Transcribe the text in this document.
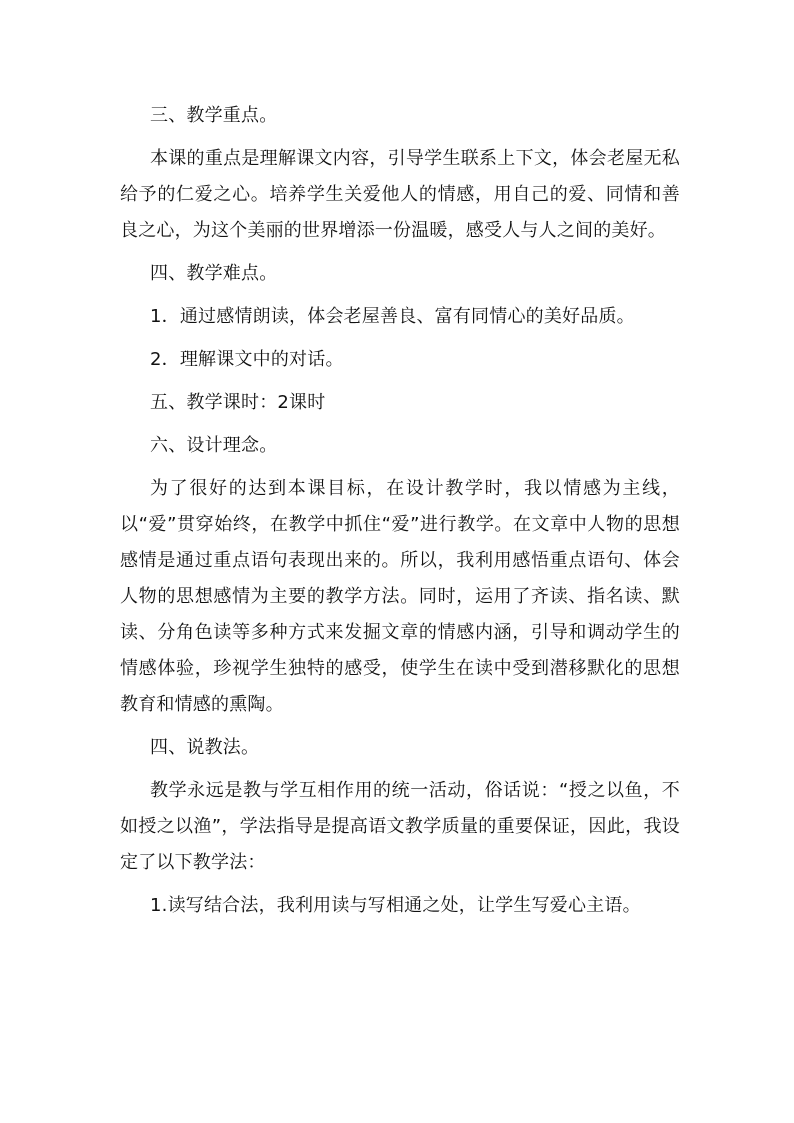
三、教学重点。

本课的重点是理解课文内容，引导学生联系上下文，体会老屋无私给予的仁爱之心。培养学生关爱他人的情感，用自己的爱、同情和善良之心，为这个美丽的世界增添一份温暖，感受人与人之间的美好。

四、教学难点。

1．通过感情朗读，体会老屋善良、富有同情心的美好品质。

2．理解课文中的对话。

五、教学课时：2课时

六、设计理念。

为了很好的达到本课目标，在设计教学时，我以情感为主线，以“爱”贯穿始终，在教学中抓住“爱”进行教学。在文章中人物的思想感情是通过重点语句表现出来的。所以，我利用感悟重点语句、体会人物的思想感情为主要的教学方法。同时，运用了齐读、指名读、默读、分角色读等多种方式来发掘文章的情感内涵，引导和调动学生的情感体验，珍视学生独特的感受，使学生在读中受到潜移默化的思想教育和情感的熏陶。

四、说教法。

教学永远是教与学互相作用的统一活动，俗话说：“授之以鱼，不如授之以渔”，学法指导是提高语文教学质量的重要保证，因此，我设定了以下教学法：

1.读写结合法，我利用读与写相通之处，让学生写爱心主语。
